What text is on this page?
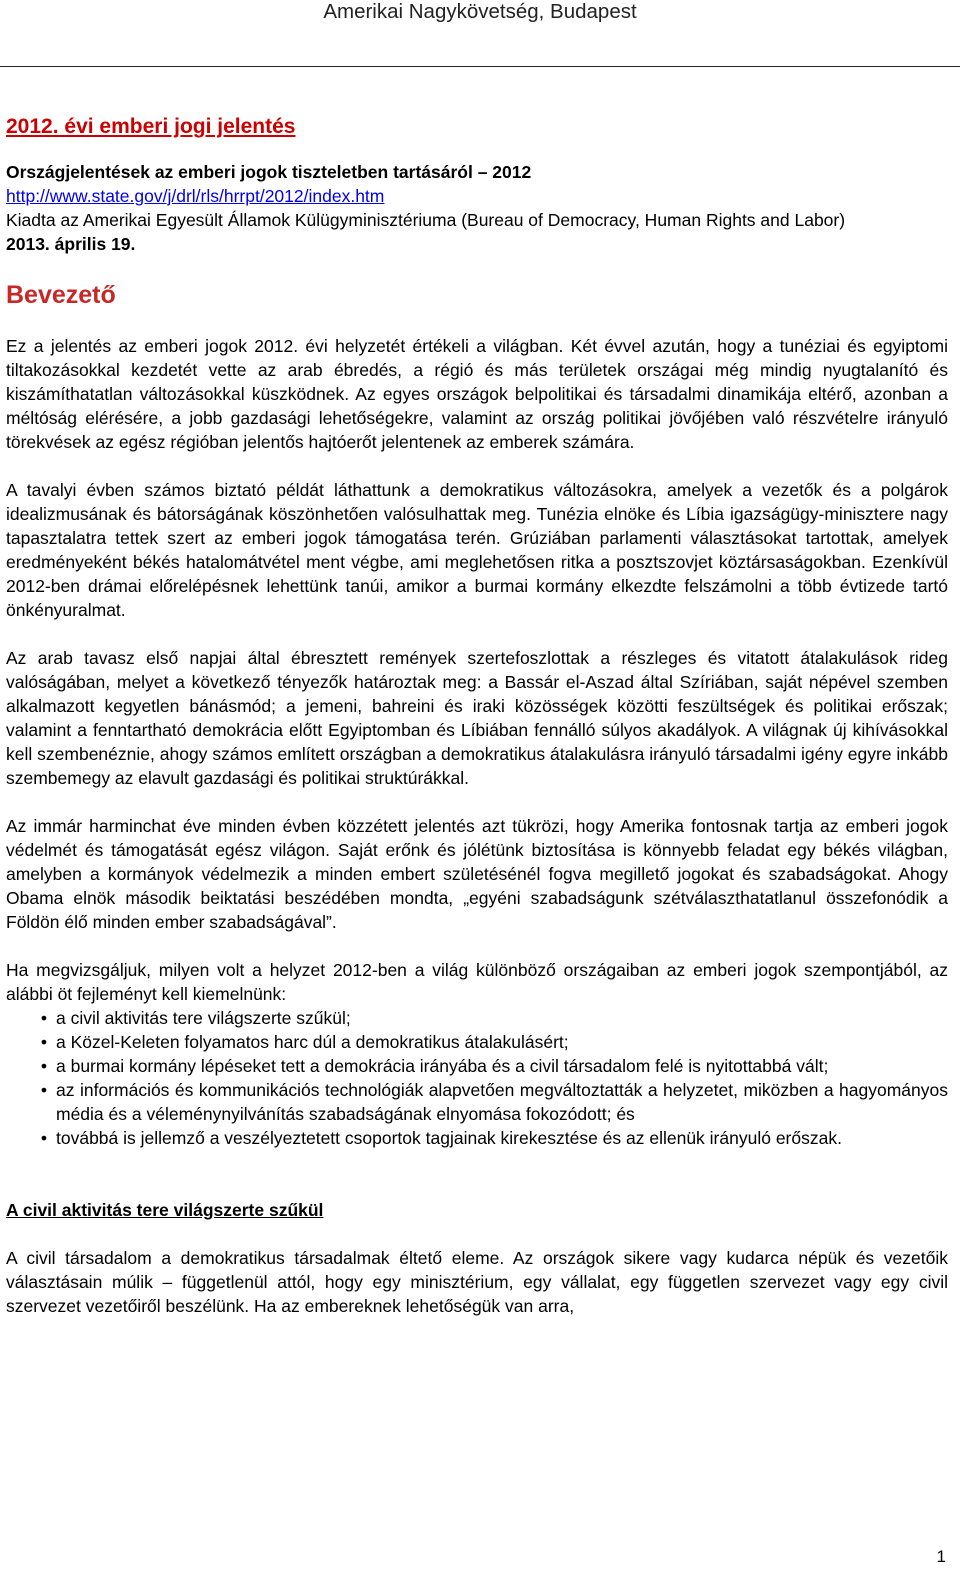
Amerikai Nagykövetség, Budapest
2012. évi emberi jogi jelentés
Országjelentések az emberi jogok tiszteletben tartásáról – 2012
http://www.state.gov/j/drl/rls/hrrpt/2012/index.htm
Kiadta az Amerikai Egyesült Államok Külügyminisztériuma (Bureau of Democracy, Human Rights and Labor)
2013. április 19.
Bevezető

Ez a jelentés az emberi jogok 2012. évi helyzetét értékeli a világban. Két évvel azután, hogy a tunéziai és egyiptomi tiltakozásokkal kezdetét vette az arab ébredés, a régió és más területek országai még mindig nyugtalanító és kiszámíthatatlan változásokkal küszködnek. Az egyes országok belpolitikai és társadalmi dinamikája eltérő, azonban a méltóság elérésére, a jobb gazdasági lehetőségekre, valamint az ország politikai jövőjében való részvételre irányuló törekvések az egész régióban jelentős hajtóerőt jelentenek az emberek számára.

A tavalyi évben számos biztató példát láthattunk a demokratikus változásokra, amelyek a vezetők és a polgárok idealizmusának és bátorságának köszönhetően valósulhattak meg. Tunézia elnöke és Líbia igazságügy-minisztere nagy tapasztalatra tettek szert az emberi jogok támogatása terén. Grúziában parlamenti választásokat tartottak, amelyek eredményeként békés hatalomátvétel ment végbe, ami meglehetősen ritka a posztszovjet köztársaságokban. Ezenkívül 2012-ben drámai előrelépésnek lehettünk tanúi, amikor a burmai kormány elkezdte felszámolni a több évtizede tartó önkényuralmat.

Az arab tavasz első napjai által ébresztett remények szertefoszlottak a részleges és vitatott átalakulások rideg valóságában, melyet a következő tényezők határoztak meg: a Bassár el-Aszad által Szíriában, saját népével szemben alkalmazott kegyetlen bánásmód; a jemeni, bahreini és iraki közösségek közötti feszültségek és politikai erőszak; valamint a fenntartható demokrácia előtt Egyiptomban és Líbiában fennálló súlyos akadályok. A világnak új kihívásokkal kell szembenéznie, ahogy számos említett országban a demokratikus átalakulásra irányuló társadalmi igény egyre inkább szembemegy az elavult gazdasági és politikai struktúrákkal.

Az immár harminchat éve minden évben közzétett jelentés azt tükrözi, hogy Amerika fontosnak tartja az emberi jogok védelmét és támogatását egész világon. Saját erőnk és jólétünk biztosítása is könnyebb feladat egy békés világban, amelyben a kormányok védelmezik a minden embert születésénél fogva megillető jogokat és szabadságokat. Ahogy Obama elnök második beiktatási beszédében mondta, „egyéni szabadságunk szétválaszthatatlanul összefonódik a Földön élő minden ember szabadságával”.

Ha megvizsgáljuk, milyen volt a helyzet 2012-ben a világ különböző országaiban az emberi jogok szempontjából, az alábbi öt fejleményt kell kiemelnünk:
• a civil aktivitás tere világszerte szűkül;
• a Közel-Keleten folyamatos harc dúl a demokratikus átalakulásért;
• a burmai kormány lépéseket tett a demokrácia irányába és a civil társadalom felé is nyitottabbá vált;
• az információs és kommunikációs technológiák alapvetően megváltoztatták a helyzetet, miközben a hagyományos média és a véleménynyilvánítás szabadságának elnyomása fokozódott; és
• továbbá is jellemző a veszélyeztetett csoportok tagjainak kirekesztése és az ellenük irányuló erőszak.
A civil aktivitás tere világszerte szűkül

A civil társadalom a demokratikus társadalmak éltető eleme. Az országok sikere vagy kudarca népük és vezetőik választásain múlik – függetlenül attól, hogy egy minisztérium, egy vállalat, egy független szervezet vagy egy civil szervezet vezetőiről beszélünk. Ha az embereknek lehetőségük van arra,

1
